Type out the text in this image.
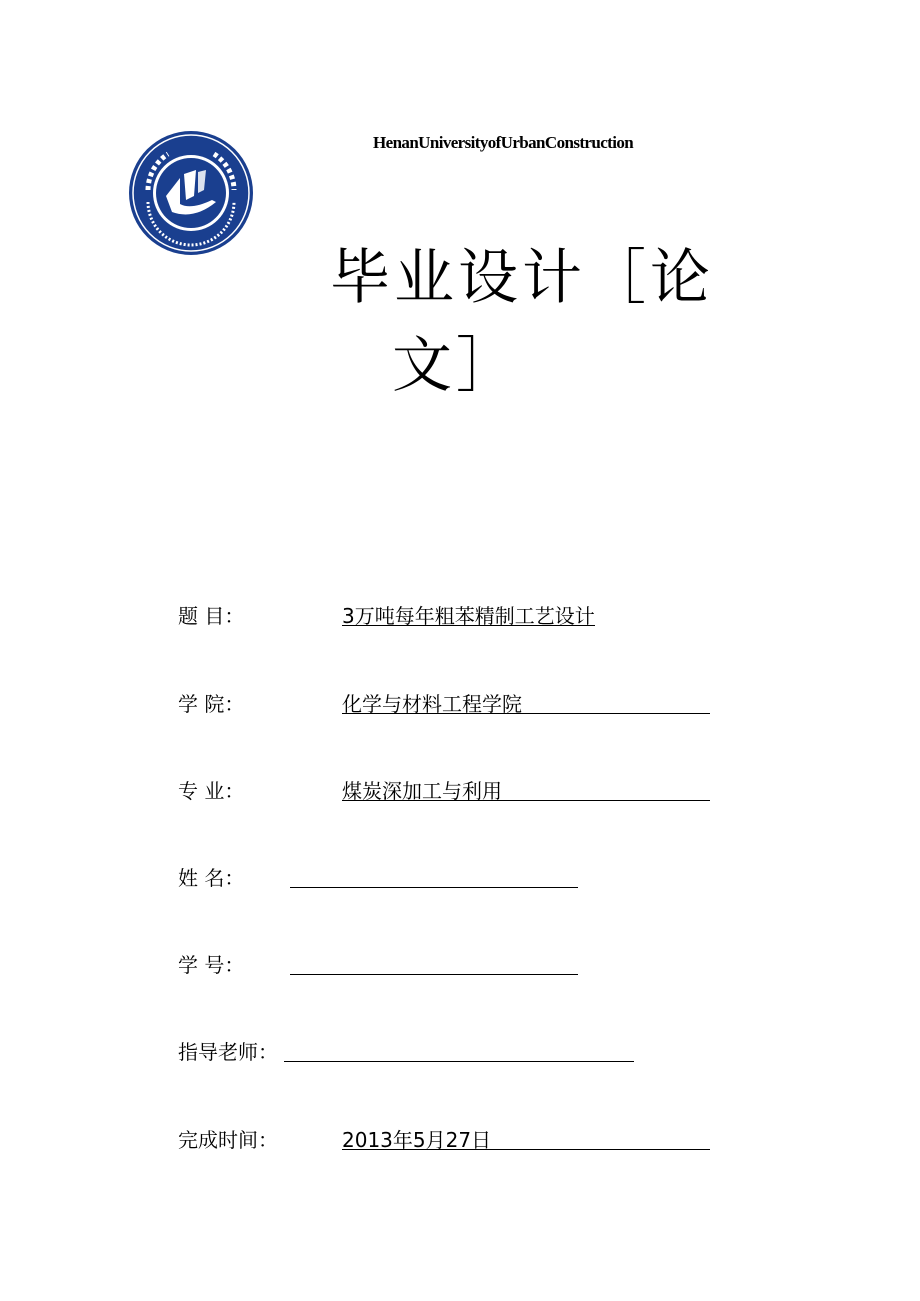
HenanUniversityofUrbanConstruction
毕业设计［论
文］
题 目：	3万吨每年粗苯精制工艺设计
学 院：	化学与材料工程学院
专 业：	煤炭深加工与利用
姓 名：
学 号：
指导老师：
完成时间：	2013年5月27日
